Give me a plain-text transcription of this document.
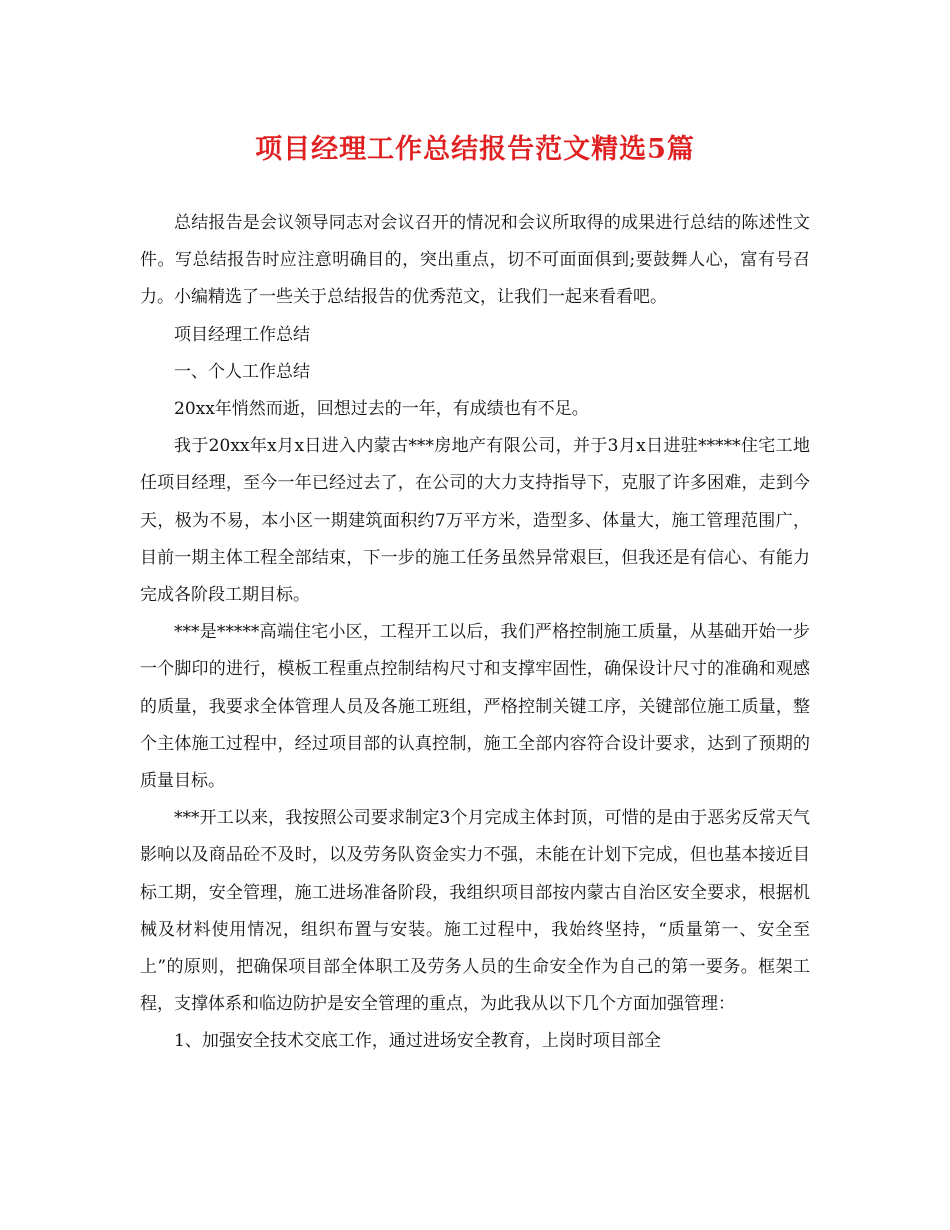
项目经理工作总结报告范文精选5篇

总结报告是会议领导同志对会议召开的情况和会议所取得的成果进行总结的陈述性文件。写总结报告时应注意明确目的，突出重点，切不可面面俱到;要鼓舞人心，富有号召力。小编精选了一些关于总结报告的优秀范文，让我们一起来看看吧。

项目经理工作总结

一、个人工作总结

20xx年悄然而逝，回想过去的一年，有成绩也有不足。

我于20xx年x月x日进入内蒙古***房地产有限公司，并于3月x日进驻*****住宅工地任项目经理，至今一年已经过去了，在公司的大力支持指导下，克服了许多困难，走到今天，极为不易，本小区一期建筑面积约7万平方米，造型多、体量大，施工管理范围广，目前一期主体工程全部结束，下一步的施工任务虽然异常艰巨，但我还是有信心、有能力完成各阶段工期目标。

***是*****高端住宅小区，工程开工以后，我们严格控制施工质量，从基础开始一步一个脚印的进行，模板工程重点控制结构尺寸和支撑牢固性，确保设计尺寸的准确和观感的质量，我要求全体管理人员及各施工班组，严格控制关键工序，关键部位施工质量，整个主体施工过程中，经过项目部的认真控制，施工全部内容符合设计要求，达到了预期的质量目标。

***开工以来，我按照公司要求制定3个月完成主体封顶，可惜的是由于恶劣反常天气影响以及商品砼不及时，以及劳务队资金实力不强，未能在计划下完成，但也基本接近目标工期，安全管理，施工进场准备阶段，我组织项目部按内蒙古自治区安全要求，根据机械及材料使用情况，组织布置与安装。施工过程中，我始终坚持，“质量第一、安全至上”的原则，把确保项目部全体职工及劳务人员的生命安全作为自己的第一要务。框架工程，支撑体系和临边防护是安全管理的重点，为此我从以下几个方面加强管理：

1、加强安全技术交底工作，通过进场安全教育，上岗时项目部全
